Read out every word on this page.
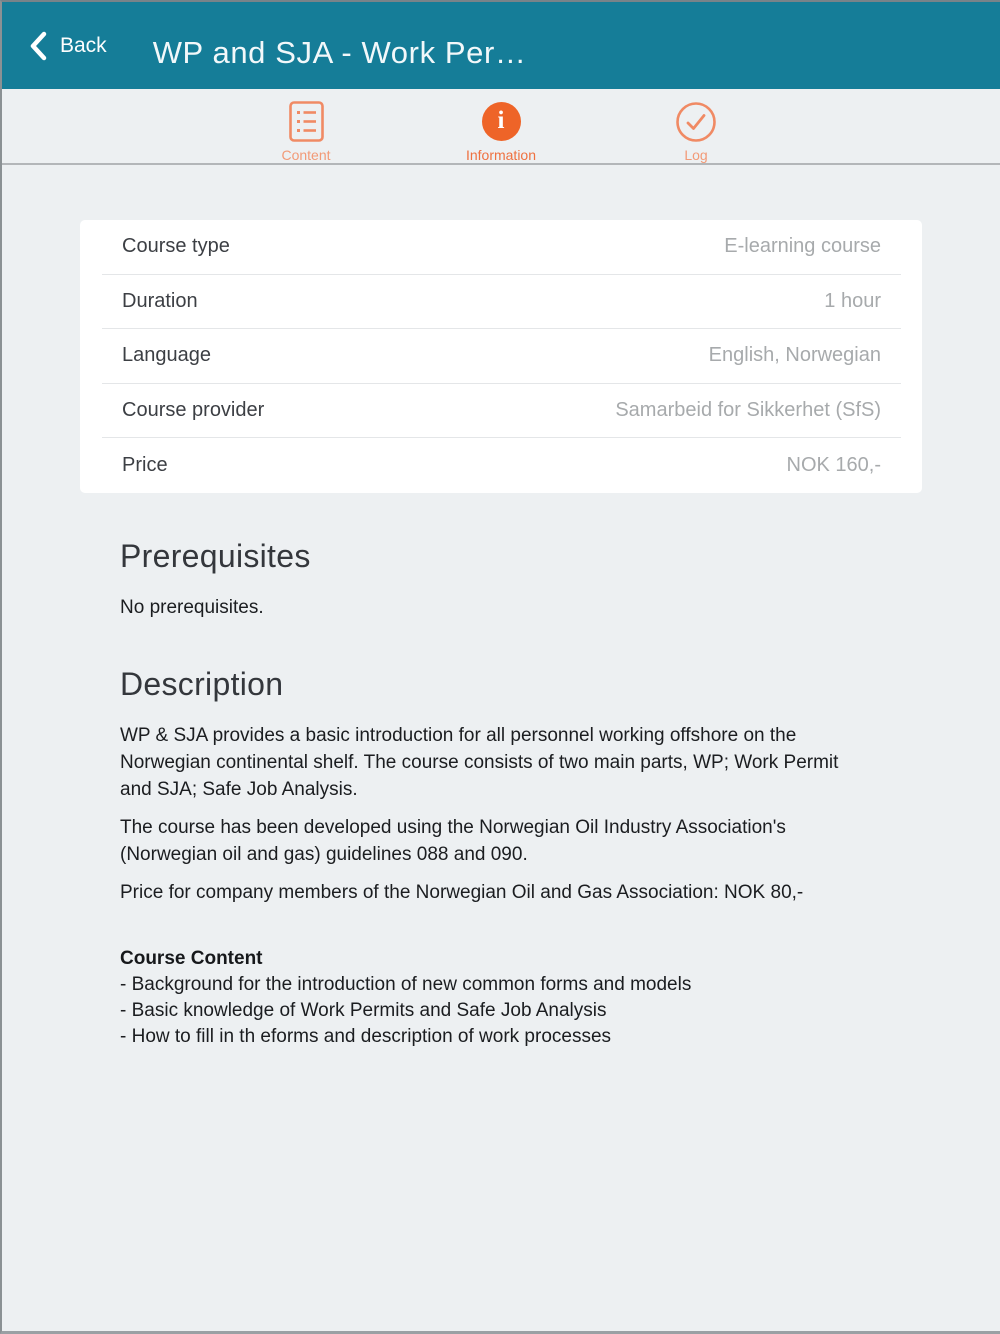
Back WP and SJA - Work Per…
Content
i
Information	Log
Course type	E-learning course
Duration	1 hour
Language	English, Norwegian
Course provider	Samarbeid for Sikkerhet (SfS)
Price	NOK 160,-
Prerequisites

No prerequisites.

Description

WP & SJA provides a basic introduction for all personnel working offshore on the Norwegian continental shelf. The course consists of two main parts, WP; Work Permit and SJA; Safe Job Analysis.

The course has been developed using the Norwegian Oil Industry Association's (Norwegian oil and gas) guidelines 088 and 090.

Price for company members of the Norwegian Oil and Gas Association: NOK 80,-

Course Content
- Background for the introduction of new common forms and models
- Basic knowledge of Work Permits and Safe Job Analysis
- How to fill in th eforms and description of work processes
